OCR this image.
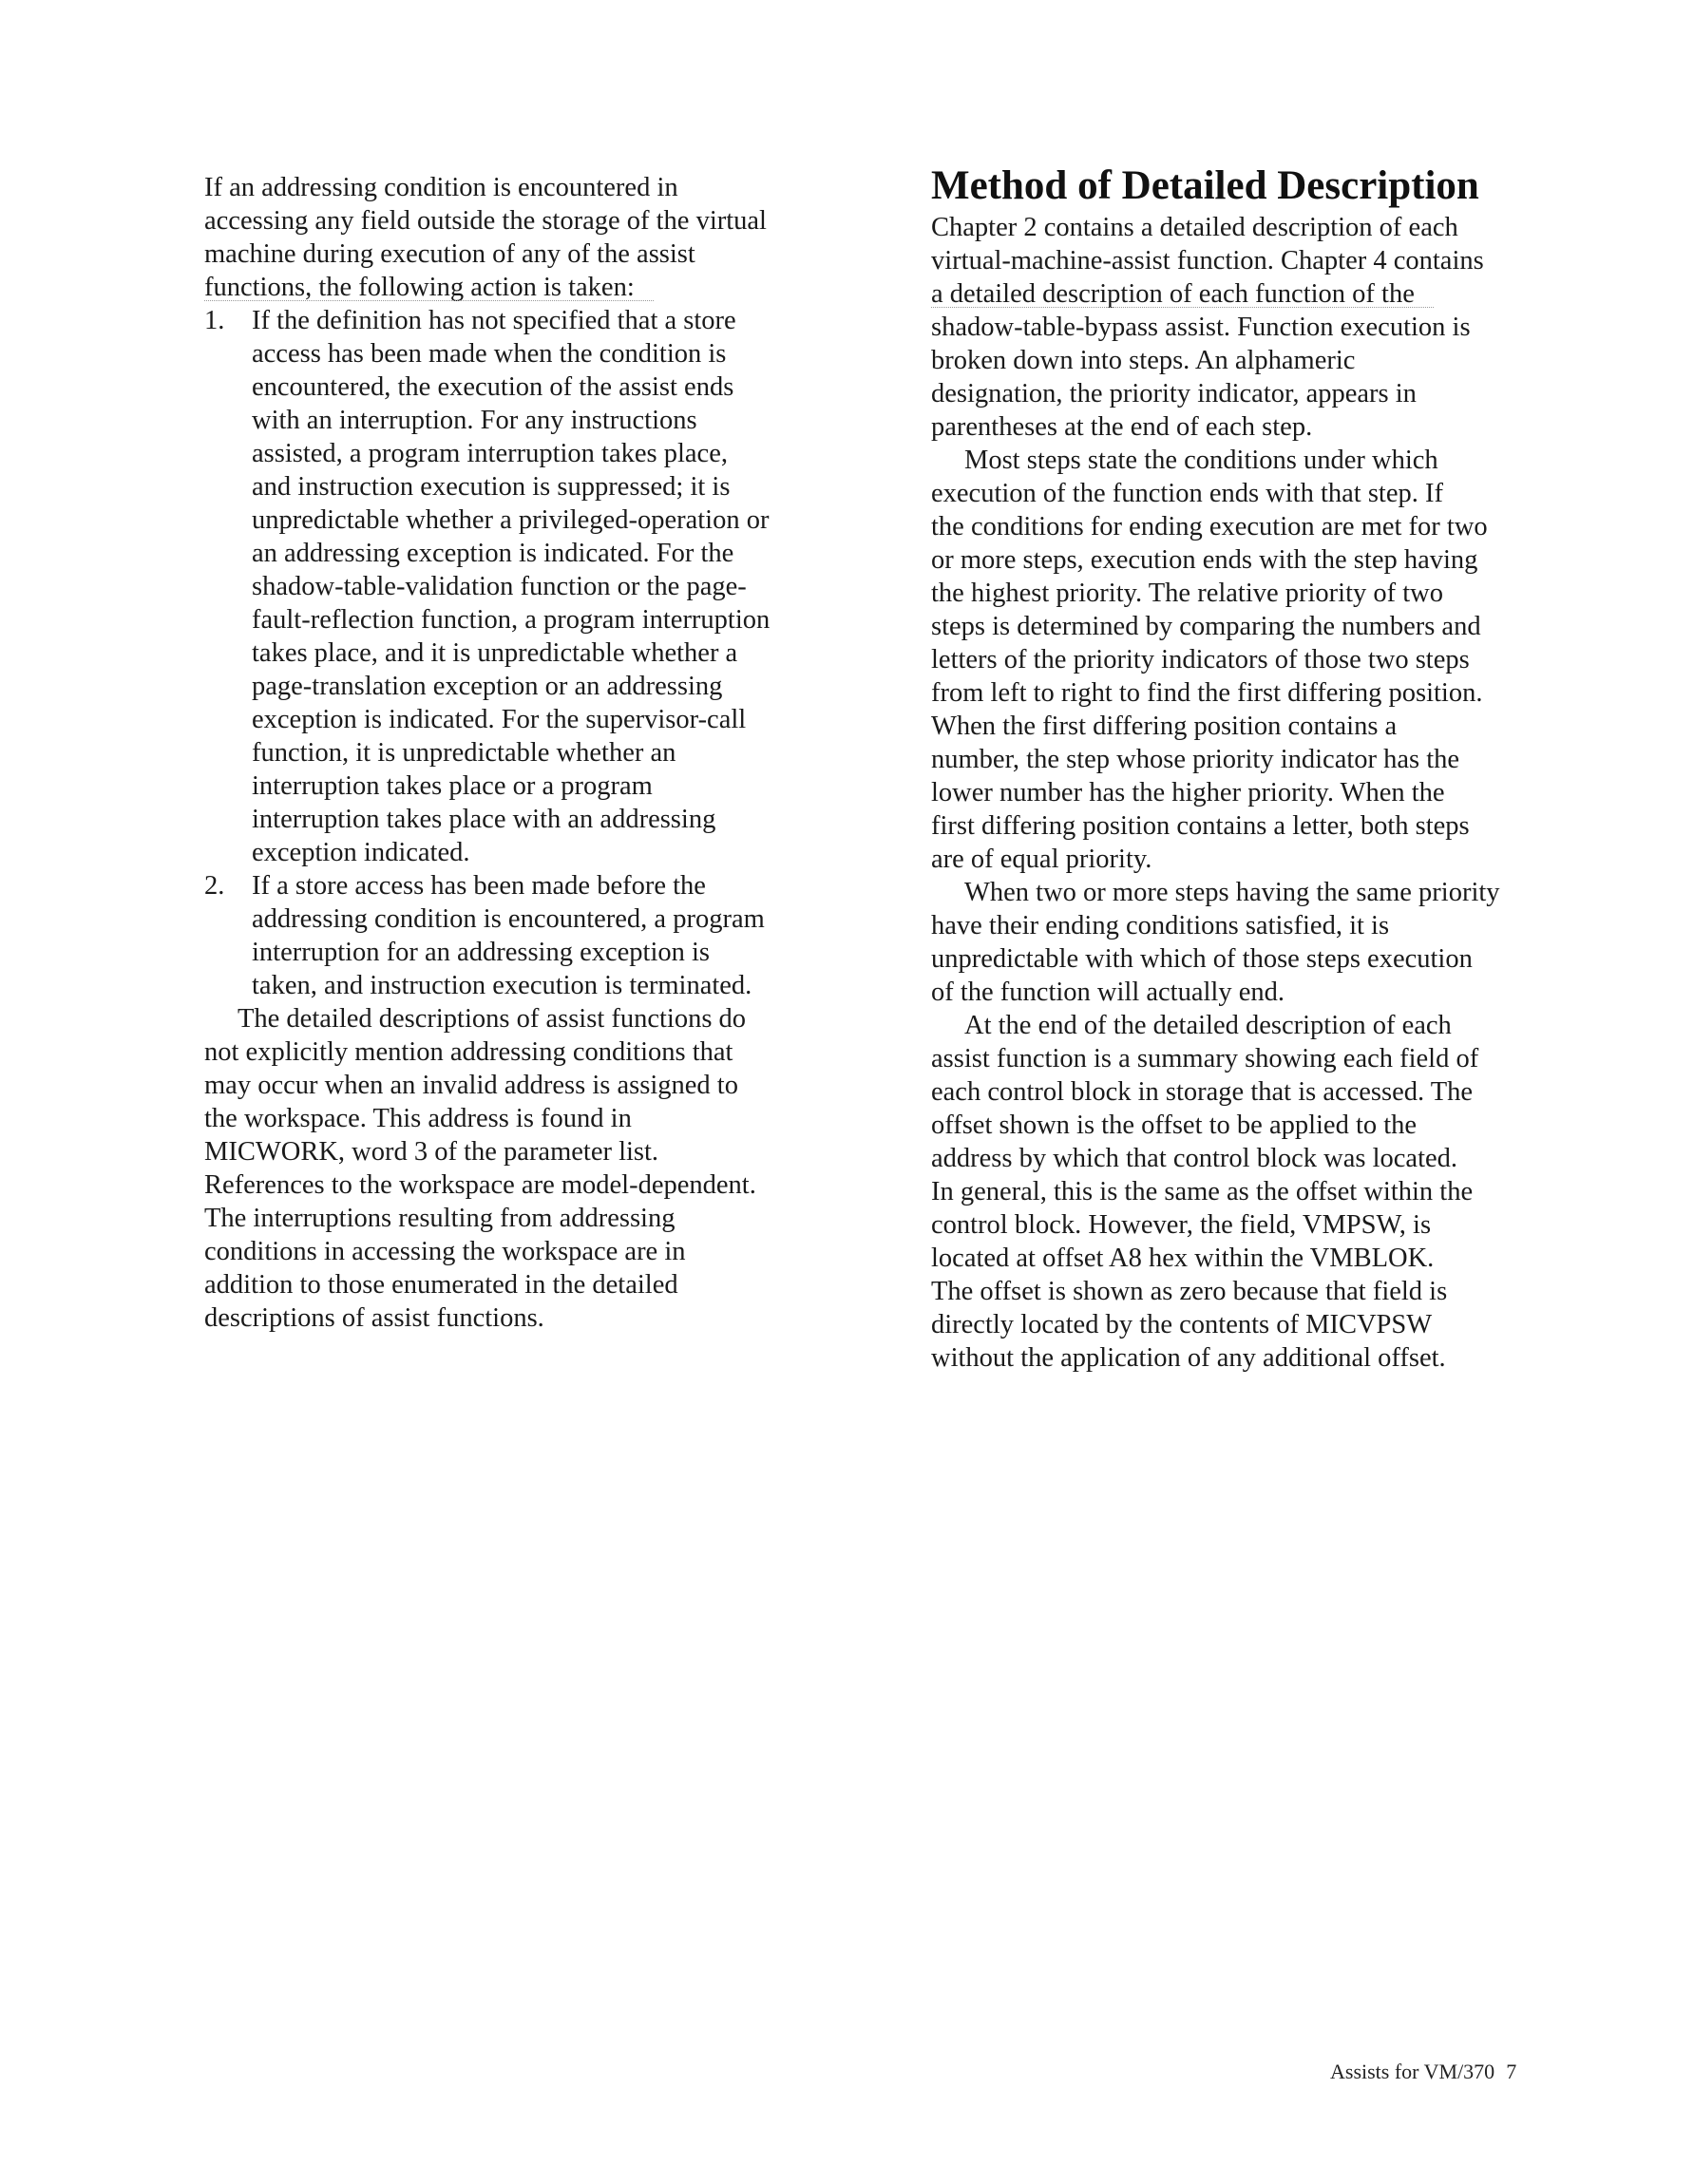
If an addressing condition is encountered in
accessing any field outside the storage of the virtual
machine during execution of any of the assist
functions, the following action is taken:

1. If the definition has not specified that a store
access has been made when the condition is
encountered, the execution of the assist ends
with an interruption. For any instructions
assisted, a program interruption takes place,
and instruction execution is suppressed; it is
unpredictable whether a privileged-operation or
an addressing exception is indicated. For the
shadow-table-validation function or the page-
fault-reflection function, a program interruption
takes place, and it is unpredictable whether a
page-translation exception or an addressing
exception is indicated. For the supervisor-call
function, it is unpredictable whether an
interruption takes place or a program
interruption takes place with an addressing
exception indicated.
2. If a store access has been made before the
addressing condition is encountered, a program
interruption for an addressing exception is
taken, and instruction execution is terminated.

The detailed descriptions of assist functions do
not explicitly mention addressing conditions that
may occur when an invalid address is assigned to
the workspace. This address is found in
MICWORK, word 3 of the parameter list.
References to the workspace are model-dependent.
The interruptions resulting from addressing
conditions in accessing the workspace are in
addition to those enumerated in the detailed
descriptions of assist functions.

Method of Detailed Description

Chapter 2 contains a detailed description of each
virtual-machine-assist function. Chapter 4 contains
a detailed description of each function of the
shadow-table-bypass assist. Function execution is
broken down into steps. An alphameric
designation, the priority indicator, appears in
parentheses at the end of each step.

Most steps state the conditions under which
execution of the function ends with that step. If
the conditions for ending execution are met for two
or more steps, execution ends with the step having
the highest priority. The relative priority of two
steps is determined by comparing the numbers and
letters of the priority indicators of those two steps
from left to right to find the first differing position.
When the first differing position contains a
number, the step whose priority indicator has the
lower number has the higher priority. When the
first differing position contains a letter, both steps
are of equal priority.

When two or more steps having the same priority
have their ending conditions satisfied, it is
unpredictable with which of those steps execution
of the function will actually end.

At the end of the detailed description of each
assist function is a summary showing each field of
each control block in storage that is accessed. The
offset shown is the offset to be applied to the
address by which that control block was located.
In general, this is the same as the offset within the
control block. However, the field, VMPSW, is
located at offset A8 hex within the VMBLOK.
The offset is shown as zero because that field is
directly located by the contents of MICVPSW
without the application of any additional offset.

Assists for VM/370 7
